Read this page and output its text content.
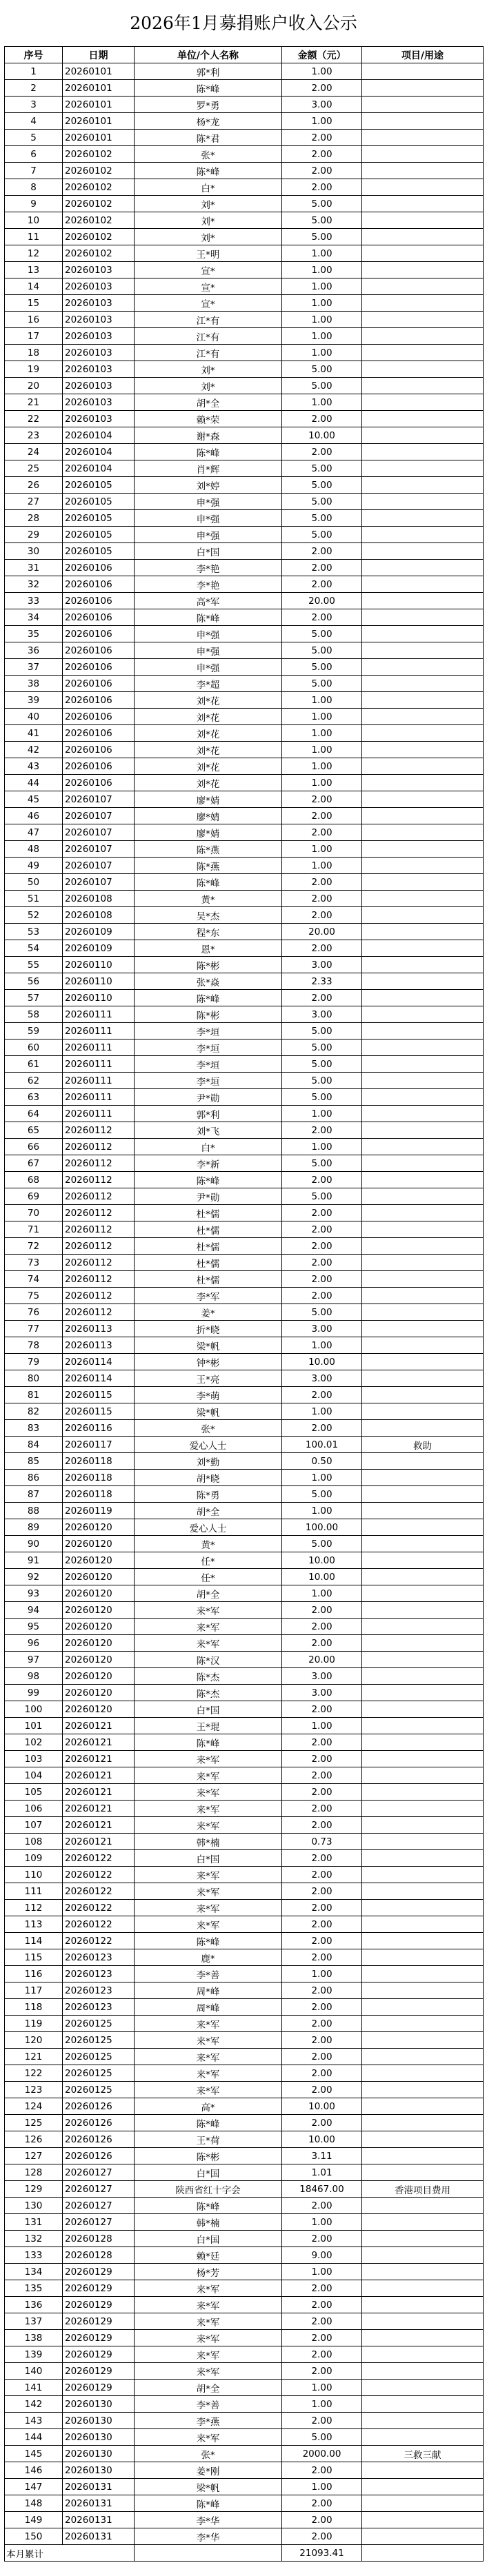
2026年1月募捐账户收入公示
序号	日期	单位/个人名称	金额（元）	项目/用途
1	20260101	郭*利	1.00	
2	20260101	陈*峰	2.00	
3	20260101	罗*勇	3.00	
4	20260101	杨*龙	1.00	
5	20260101	陈*君	2.00	
6	20260102	张*	2.00	
7	20260102	陈*峰	2.00	
8	20260102	白*	2.00	
9	20260102	刘*	5.00	
10	20260102	刘*	5.00	
11	20260102	刘*	5.00	
12	20260102	王*明	1.00	
13	20260103	宣*	1.00	
14	20260103	宣*	1.00	
15	20260103	宣*	1.00	
16	20260103	江*有	1.00	
17	20260103	江*有	1.00	
18	20260103	江*有	1.00	
19	20260103	刘*	5.00	
20	20260103	刘*	5.00	
21	20260103	胡*全	1.00	
22	20260103	赖*荣	2.00	
23	20260104	谢*森	10.00	
24	20260104	陈*峰	2.00	
25	20260104	肖*辉	5.00	
26	20260105	刘*婷	5.00	
27	20260105	申*强	5.00	
28	20260105	申*强	5.00	
29	20260105	申*强	5.00	
30	20260105	白*国	2.00	
31	20260106	李*艳	2.00	
32	20260106	李*艳	2.00	
33	20260106	高*军	20.00	
34	20260106	陈*峰	2.00	
35	20260106	申*强	5.00	
36	20260106	申*强	5.00	
37	20260106	申*强	5.00	
38	20260106	李*超	5.00	
39	20260106	刘*花	1.00	
40	20260106	刘*花	1.00	
41	20260106	刘*花	1.00	
42	20260106	刘*花	1.00	
43	20260106	刘*花	1.00	
44	20260106	刘*花	1.00	
45	20260107	廖*婧	2.00	
46	20260107	廖*婧	2.00	
47	20260107	廖*婧	2.00	
48	20260107	陈*燕	1.00	
49	20260107	陈*燕	1.00	
50	20260107	陈*峰	2.00	
51	20260108	黄*	2.00	
52	20260108	吴*杰	2.00	
53	20260109	程*东	20.00	
54	20260109	恩*	2.00	
55	20260110	陈*彬	3.00	
56	20260110	张*焱	2.33	
57	20260110	陈*峰	2.00	
58	20260111	陈*彬	3.00	
59	20260111	李*垣	5.00	
60	20260111	李*垣	5.00	
61	20260111	李*垣	5.00	
62	20260111	李*垣	5.00	
63	20260111	尹*勋	5.00	
64	20260111	郭*利	1.00	
65	20260112	刘*飞	2.00	
66	20260112	白*	1.00	
67	20260112	李*新	5.00	
68	20260112	陈*峰	2.00	
69	20260112	尹*勋	5.00	
70	20260112	杜*儒	2.00	
71	20260112	杜*儒	2.00	
72	20260112	杜*儒	2.00	
73	20260112	杜*儒	2.00	
74	20260112	杜*儒	2.00	
75	20260112	李*军	2.00	
76	20260112	姜*	5.00	
77	20260113	折*晓	3.00	
78	20260113	梁*帆	1.00	
79	20260114	钟*彬	10.00	
80	20260114	王*亮	3.00	
81	20260115	李*萌	2.00	
82	20260115	梁*帆	1.00	
83	20260116	张*	2.00	
84	20260117	爱心人士	100.01	救助
85	20260118	刘*勤	0.50	
86	20260118	胡*晓	1.00	
87	20260118	陈*勇	5.00	
88	20260119	胡*全	1.00	
89	20260120	爱心人士	100.00	
90	20260120	黄*	5.00	
91	20260120	任*	10.00	
92	20260120	任*	10.00	
93	20260120	胡*全	1.00	
94	20260120	来*军	2.00	
95	20260120	来*军	2.00	
96	20260120	来*军	2.00	
97	20260120	陈*汉	20.00	
98	20260120	陈*杰	3.00	
99	20260120	陈*杰	3.00	
100	20260120	白*国	2.00	
101	20260121	王*琨	1.00	
102	20260121	陈*峰	2.00	
103	20260121	来*军	2.00	
104	20260121	来*军	2.00	
105	20260121	来*军	2.00	
106	20260121	来*军	2.00	
107	20260121	来*军	2.00	
108	20260121	韩*楠	0.73	
109	20260122	白*国	2.00	
110	20260122	来*军	2.00	
111	20260122	来*军	2.00	
112	20260122	来*军	2.00	
113	20260122	来*军	2.00	
114	20260122	陈*峰	2.00	
115	20260123	鹿*	2.00	
116	20260123	李*善	1.00	
117	20260123	周*峰	2.00	
118	20260123	周*峰	2.00	
119	20260125	来*军	2.00	
120	20260125	来*军	2.00	
121	20260125	来*军	2.00	
122	20260125	来*军	2.00	
123	20260125	来*军	2.00	
124	20260126	高*	10.00	
125	20260126	陈*峰	2.00	
126	20260126	王*荷	10.00	
127	20260126	陈*彬	3.11	
128	20260127	白*国	1.01	
129	20260127	陕西省红十字会	18467.00	香港项目费用
130	20260127	陈*峰	2.00	
131	20260127	韩*楠	1.00	
132	20260128	白*国	2.00	
133	20260128	赖*廷	9.00	
134	20260129	杨*芳	1.00	
135	20260129	来*军	2.00	
136	20260129	来*军	2.00	
137	20260129	来*军	2.00	
138	20260129	来*军	2.00	
139	20260129	来*军	2.00	
140	20260129	来*军	2.00	
141	20260129	胡*全	1.00	
142	20260130	李*善	1.00	
143	20260130	李*燕	2.00	
144	20260130	来*军	5.00	
145	20260130	张*	2000.00	三救三献
146	20260130	姜*刚	2.00	
147	20260131	梁*帆	1.00	
148	20260131	陈*峰	2.00	
149	20260131	李*华	2.00	
150	20260131	李*华	2.00	
本月累计			21093.41	
